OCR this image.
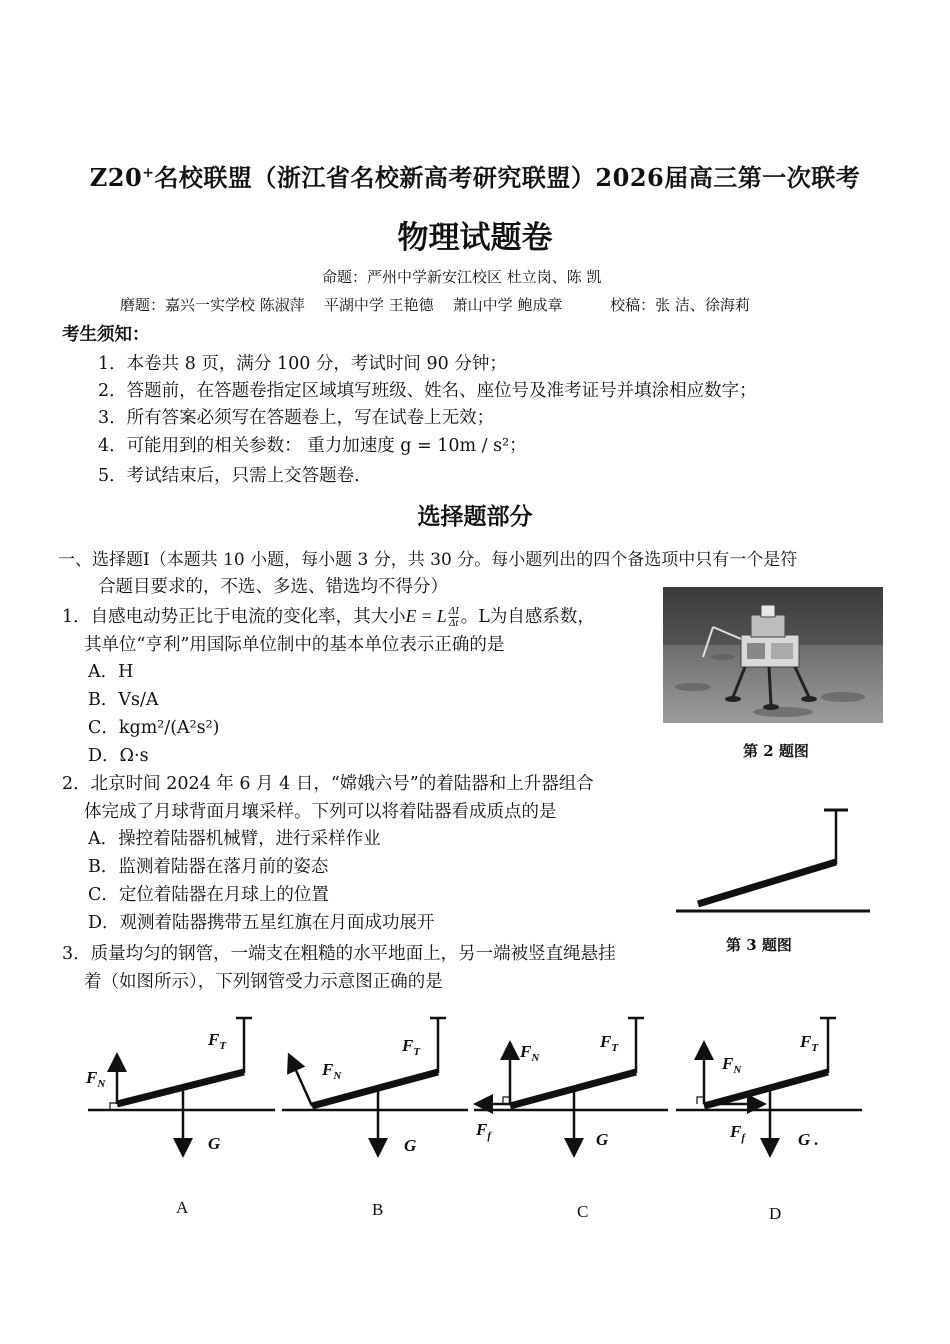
Z20+名校联盟（浙江省名校新高考研究联盟）2026届高三第一次联考
物理试题卷
命题：严州中学新安江校区 杜立岗、陈 凯
磨题：嘉兴一实学校 陈淑萍    平湖中学 王艳德    萧山中学 鲍成章          校稿：张 洁、徐海莉
考生须知：
1．本卷共 8 页，满分 100 分，考试时间 90 分钟；
2．答题前，在答题卷指定区域填写班级、姓名、座位号及准考证号并填涂相应数字；
3．所有答案必须写在答题卷上，写在试卷上无效；
4．可能用到的相关参数： 重力加速度 g = 10m / s²；
5．考试结束后，只需上交答题卷.
选择题部分
一、选择题Ⅰ（本题共 10 小题，每小题 3 分，共 30 分。每小题列出的四个备选项中只有一个是符
合题目要求的，不选、多选、错选均不得分）
1．自感电动势正比于电流的变化率，其大小E = L $\frac{\Delta I}{\Delta t}$ 。L为自感系数，
其单位“亨利”用国际单位制中的基本单位表示正确的是
A．H
B．Vs/A
C．kgm²/(A²s²)
D．Ω·s	第 2 题图
2．北京时间 2024 年 6 月 4 日，“嫦娥六号”的着陆器和上升器组合
体完成了月球背面月壤采样。下列可以将着陆器看成质点的是
A．操控着陆器机械臂，进行采样作业
B．监测着陆器在落月前的姿态
C．定位着陆器在月球上的位置
D．观测着陆器携带五星红旗在月面成功展开
第 3 题图
3．质量均匀的钢管，一端支在粗糙的水平地面上，另一端被竖直绳悬挂
着（如图所示），下列钢管受力示意图正确的是
$F_N$
$F_T$
G
A
$F_N$
$F_T$
G
B
$F_N$
$F_T$
$F_f$	G
C
$F_N$
$F_T$
$F_f$	G .
D
